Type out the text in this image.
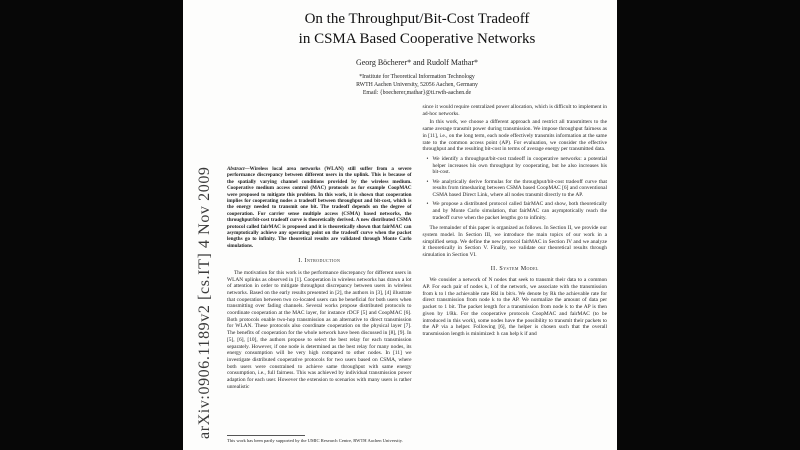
arXiv:0906.1189v2 [cs.IT] 4 Nov 2009
On the Throughput/Bit-Cost Tradeoff
in CSMA Based Cooperative Networks
Georg Böcherer* and Rudolf Mathar*
*Institute for Theoretical Information Technology
RWTH Aachen University, 52056 Aachen, Germany
Email: {boecherer,mathar}@ti.rwth-aachen.de

Abstract—Wireless local area networks (WLAN) still suffer from a severe performance discrepancy between different users in the uplink. This is because of the spatially varying channel conditions provided by the wireless medium. Cooperative medium access control (MAC) protocols as for example CoopMAC were proposed to mitigate this problem. In this work, it is shown that cooperation implies for cooperating nodes a tradeoff between throughput and bit-cost, which is the energy needed to transmit one bit. The tradeoff depends on the degree of cooperation. For carrier sense multiple access (CSMA) based networks, the throughput/bit-cost tradeoff curve is theoretically derived. A new distributed CSMA protocol called fairMAC is proposed and it is theoretically shown that fairMAC can asymptotically achieve any operating point on the tradeoff curve when the packet lengths go to infinity. The theoretical results are validated through Monte Carlo simulations.

I. Introduction

The motivation for this work is the performance discrepancy for different users in WLAN uplinks as observed in [1]. Cooperation in wireless networks has drawn a lot of attention in order to mitigate throughput discrepancy between users in wireless networks. Based on the early results presented in [2], the authors in [3], [4] illustrate that cooperation between two co-located users can be beneficial for both users when transmitting over fading channels. Several works propose distributed protocols to coordinate cooperation at the MAC layer, for instance rDCF [5] and CoopMAC [6]. Both protocols enable two-hop transmission as an alternative to direct transmission for WLAN. These protocols also coordinate cooperation on the physical layer [7]. The benefits of cooperation for the whole network have been discussed in [8], [9]. In [5], [6], [10], the authors propose to select the best relay for each transmission separately. However, if one node is determined as the best relay for many nodes, its energy consumption will be very high compared to other nodes. In [11] we investigate distributed cooperative protocols for two users based on CSMA, where both users were constrained to achieve same throughput with same energy consumption, i.e., full fairness. This was achieved by individual transmission power adaption for each user. However the extension to scenarios with many users is rather unrealistic

This work has been partly supported by the UMIC Research Centre, RWTH Aachen University.

since it would require centralized power allocation, which is difficult to implement in ad-hoc networks.

In this work, we choose a different approach and restrict all transmitters to the same average transmit power during transmission. We impose throughput fairness as in [11], i.e., on the long term, each node effectively transmits information at the same rate to the common access point (AP). For evaluation, we consider the effective throughput and the resulting bit-cost in terms of average energy per transmitted data.

• We identify a throughput/bit-cost tradeoff in cooperative networks: a potential helper increases his own throughput by cooperating, but he also increases his bit-cost.
• We analytically derive formulas for the throughput/bit-cost tradeoff curve that results from timesharing between CSMA based CoopMAC [6] and conventional CSMA based Direct Link, where all nodes transmit directly to the AP.
• We propose a distributed protocol called fairMAC and show, both theoretically and by Monte Carlo simulation, that fairMAC can asymptotically reach the tradeoff curve when the packet lengths go to infinity.

The remainder of this paper is organized as follows. In Section II, we provide our system model. In Section III, we introduce the main topics of our work in a simplified setup. We define the new protocol fairMAC in Section IV and we analyze it theoretically in Section V. Finally, we validate our theoretical results through simulation in Section VI.

II. System Model

We consider a network of N nodes that seek to transmit their data to a common AP. For each pair of nodes k, l of the network, we associate with the transmission from k to l the achievable rate Rkl in bit/s. We denote by Rk the achievable rate for direct transmission from node k to the AP. We normalize the amount of data per packet to 1 bit. The packet length for a transmission from node k to the AP is then given by 1/Rk. For the cooperative protocols CoopMAC and fairMAC (to be introduced in this work), some nodes have the possibility to transmit their packets to the AP via a helper. Following [6], the helper is chosen such that the overall transmission length is minimized: h can help k if and
